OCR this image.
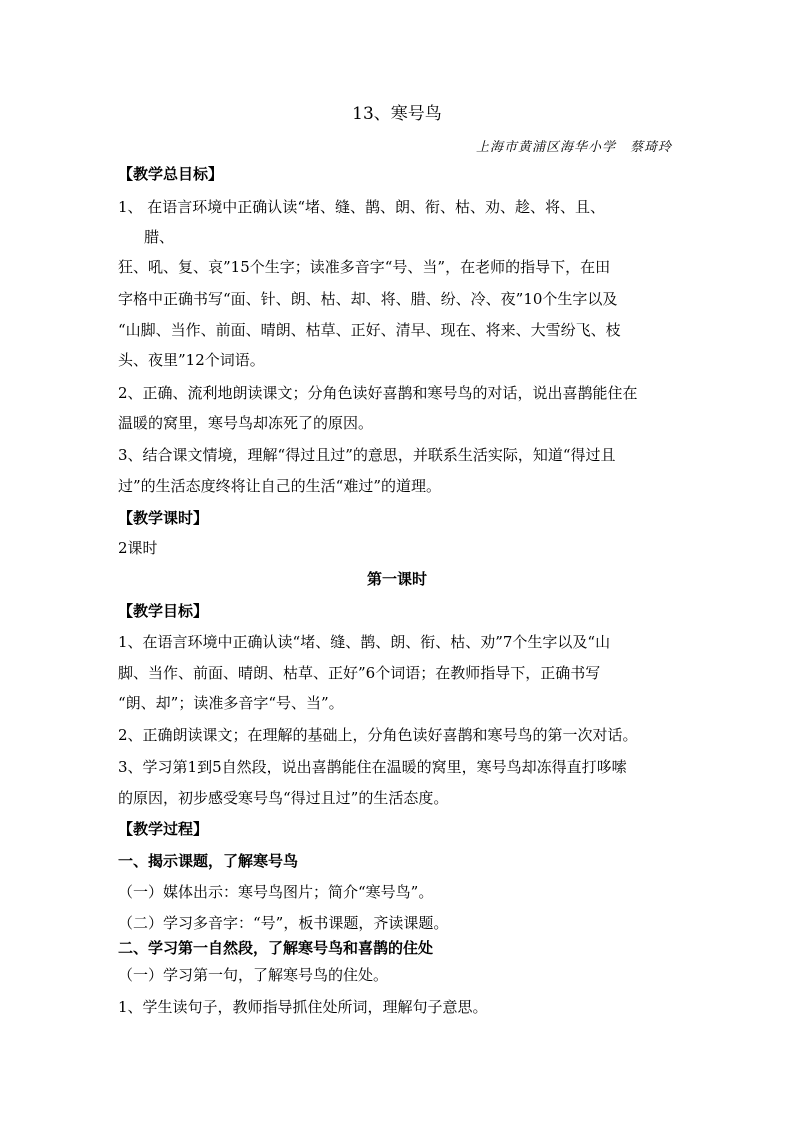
13、寒号鸟

上海市黄浦区海华小学　蔡琦玲

【教学总目标】

1、 在语言环境中正确认读“堵、缝、鹊、朗、衔、枯、劝、趁、将、且、

腊、

狂、吼、复、哀”15个生字；读准多音字“号、当”，在老师的指导下，在田

字格中正确书写“面、针、朗、枯、却、将、腊、纷、冷、夜”10个生字以及

“山脚、当作、前面、晴朗、枯草、正好、清早、现在、将来、大雪纷飞、枝

头、夜里”12个词语。

2、正确、流利地朗读课文；分角色读好喜鹊和寒号鸟的对话，说出喜鹊能住在

温暖的窝里，寒号鸟却冻死了的原因。

3、结合课文情境，理解“得过且过”的意思，并联系生活实际，知道“得过且

过”的生活态度终将让自己的生活“难过”的道理。

【教学课时】

2课时

第一课时

【教学目标】

1、在语言环境中正确认读“堵、缝、鹊、朗、衔、枯、劝”7个生字以及“山

脚、当作、前面、晴朗、枯草、正好”6个词语；在教师指导下，正确书写

“朗、却”；读准多音字“号、当”。

2、正确朗读课文；在理解的基础上，分角色读好喜鹊和寒号鸟的第一次对话。

3、学习第1到5自然段，说出喜鹊能住在温暖的窝里，寒号鸟却冻得直打哆嗦

的原因，初步感受寒号鸟“得过且过”的生活态度。

【教学过程】

一、揭示课题，了解寒号鸟

（一）媒体出示：寒号鸟图片；简介“寒号鸟”。

（二）学习多音字：“号”，板书课题，齐读课题。

二、学习第一自然段，了解寒号鸟和喜鹊的住处

（一）学习第一句，了解寒号鸟的住处。

1、学生读句子，教师指导抓住处所词，理解句子意思。
